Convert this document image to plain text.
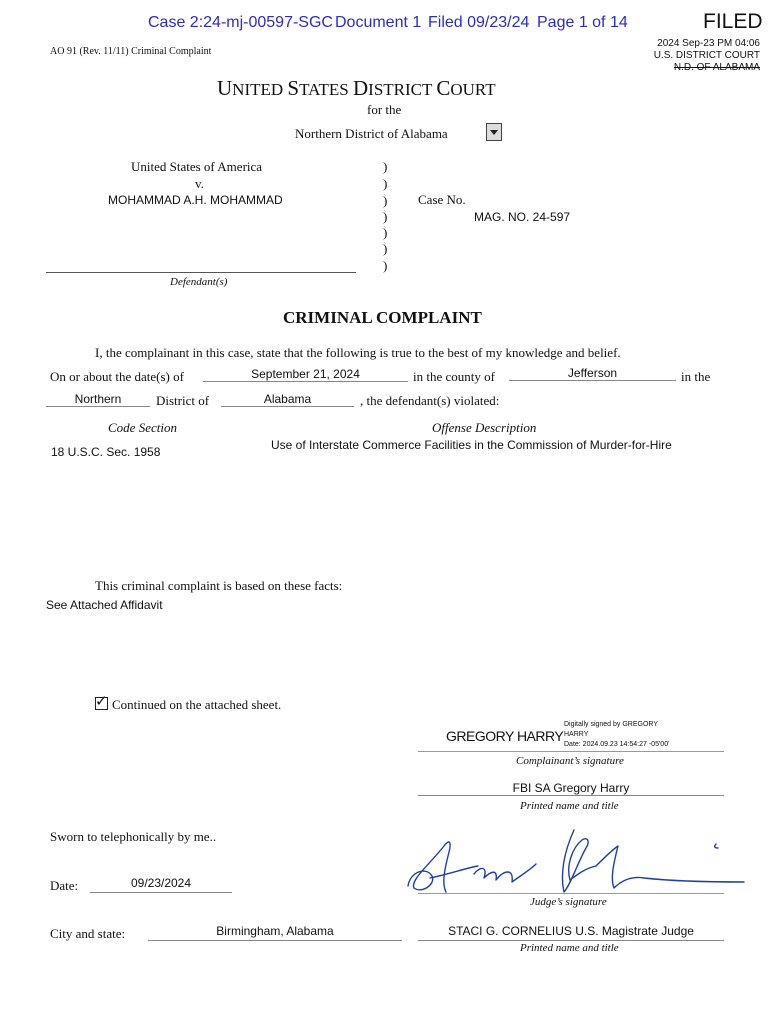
Case 2:24-mj-00597-SGC Document 1 Filed 09/23/24 Page 1 of 14	FILED
2024 Sep-23 PM 04:06
U.S. DISTRICT COURT
N.D. OF ALABAMA
AO 91 (Rev. 11/11) Criminal Complaint
UNITED STATES DISTRICT COURT
for the
Northern District of Alabama
United States of America
v.
MOHAMMAD A.H. MOHAMMAD
Defendant(s)
)
)
)
)
)
)
)
Case No.
MAG. NO. 24-597
CRIMINAL COMPLAINT
I, the complainant in this case, state that the following is true to the best of my knowledge and belief.
On or about the date(s) of	September 21, 2024	in the county of	Jefferson	in the
Northern	District of	Alabama	, the defendant(s) violated:
Code Section	Offense Description
18 U.S.C. Sec. 1958	Use of Interstate Commerce Facilities in the Commission of Murder-for-Hire
This criminal complaint is based on these facts:
See Attached Affidavit
✓
Continued on the attached sheet.
GREGORY HARRY
Digitally signed by GREGORY
HARRY
Date: 2024.09.23 14:54:27 -05'00'
Complainant’s signature
FBI SA Gregory Harry
Printed name and title
Sworn to telephonically by me..
Date:	09/23/2024
Judge’s signature
City and state:	Birmingham, Alabama	STACI G. CORNELIUS U.S. Magistrate Judge
Printed name and title
